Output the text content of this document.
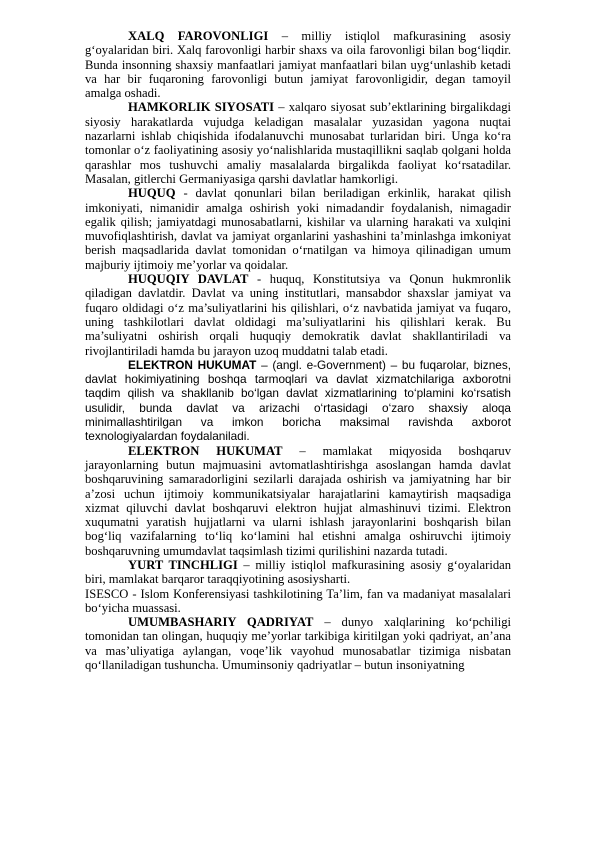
XALQ FAROVONLIGI – milliy istiqlol mafkurasining asosiy g‘oyalaridan biri. Xalq farovonligi harbir shaxs va oila farovonligi bilan bog‘liqdir. Bunda insonning shaxsiy manfaatlari jamiyat manfaatlari bilan uyg‘unlashib ketadi va har bir fuqaroning farovonligi butun jamiyat farovonligidir, degan tamoyil amalga oshadi.

HAMKORLIK SIYOSATI – xalqaro siyosat sub’ektlarining birgalikdagi siyosiy harakatlarda vujudga keladigan masalalar yuzasidan yagona nuqtai nazarlarni ishlab chiqishida ifodalanuvchi munosabat turlaridan biri. Unga ko‘ra tomonlar o‘z faoliyatining asosiy yo‘nalishlarida mustaqillikni saqlab qolgani holda qarashlar mos tushuvchi amaliy masalalarda birgalikda faoliyat ko‘rsatadilar. Masalan, gitlerchi Germaniyasiga qarshi davlatlar hamkorligi.

HUQUQ - davlat qonunlari bilan beriladigan erkinlik, harakat qilish imkoniyati, nimanidir amalga oshirish yoki nimadandir foydalanish, nimagadir egalik qilish; jamiyatdagi munosabatlarni, kishilar va ularning harakati va xulqini muvofiqlashtirish, davlat va jamiyat organlarini yashashini ta’minlashga imkoniyat berish maqsadlarida davlat tomonidan o‘rnatilgan va himoya qilinadigan umum majburiy ijtimoiy me’yorlar va qoidalar.

HUQUQIY DAVLAT - huquq, Konstitutsiya va Qonun hukmronlik qiladigan davlatdir. Davlat va uning institutlari, mansabdor shaxslar jamiyat va fuqaro oldidagi o‘z ma’suliyatlarini his qilishlari, o‘z navbatida jamiyat va fuqaro, uning tashkilotlari davlat oldidagi ma’suliyatlarini his qilishlari kerak. Bu ma’suliyatni oshirish orqali huquqiy demokratik davlat shakllantiriladi va rivojlantiriladi hamda bu jarayon uzoq muddatni talab etadi.

ELEKTRON HUKUMAT – (angl. e-Government) – bu fuqarolar, biznes, davlat hokimiyatining boshqa tarmoqlari va davlat xizmatchilariga axborotni taqdim qilish va shakllanib bo‘lgan davlat xizmatlarining to‘plamini ko‘rsatish usulidir, bunda davlat va arizachi o‘rtasidagi o‘zaro shaxsiy aloqa minimallashtirilgan va imkon boricha maksimal ravishda axborot texnologiyalardan foydalaniladi.

ELEKTRON HUKUMAT – mamlakat miqyosida boshqaruv jarayonlarning butun majmuasini avtomatlashtirishga asoslangan hamda davlat boshqaruvining samaradorligini sezilarli darajada oshirish va jamiyatning har bir a’zosi uchun ijtimoiy kommunikatsiyalar harajatlarini kamaytirish maqsadiga xizmat qiluvchi davlat boshqaruvi elektron hujjat almashinuvi tizimi. Elektron xuqumatni yaratish hujjatlarni va ularni ishlash jarayonlarini boshqarish bilan bog‘liq vazifalarning to‘liq ko‘lamini hal etishni amalga oshiruvchi ijtimoiy boshqaruvning umumdavlat taqsimlash tizimi qurilishini nazarda tutadi.

YURT TINCHLIGI – milliy istiqlol mafkurasining asosiy g‘oyalaridan biri, mamlakat barqaror taraqqiyotining asosiysharti.
ISESCO - Islom Konferensiyasi tashkilotining Ta’lim, fan va madaniyat masalalari bo‘yicha muassasi.

UMUMBASHARIY QADRIYAT – dunyo xalqlarining ko‘pchiligi tomonidan tan olingan, huquqiy me’yorlar tarkibiga kiritilgan yoki qadriyat, an’ana va mas’uliyatiga aylangan, voqe’lik vayohud munosabatlar tizimiga nisbatan qo‘llaniladigan tushuncha. Umuminsoniy qadriyatlar – butun insoniyatning
